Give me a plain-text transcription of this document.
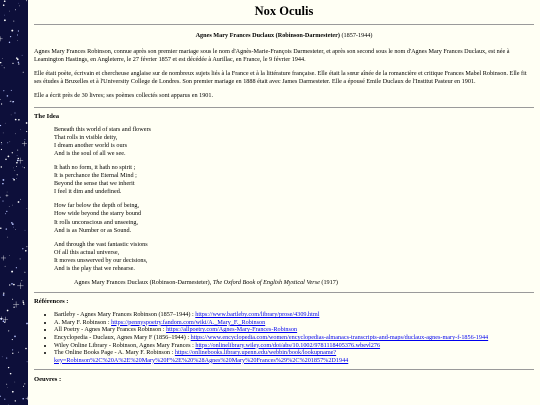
Nox Oculis
Agnes Mary Frances Duclaux (Robinson-Darmesteter) (1857-1944)

Agnes Mary Frances Robinson, connue après son premier mariage sous le nom d'Agnès-Marie-François Darmesteter, et après son second sous le nom d'Agnes Mary Frances Duclaux, est née à Leamington Hastings, en Angleterre, le 27 février 1857 et est décédée à Aurillac, en France, le 9 février 1944.

Elle était poète, écrivain et chercheuse anglaise sur de nombreux sujets liés à la France et à la littérature française. Elle était la sœur aînée de la romancière et critique Frances Mabel Robinson. Elle fit ses études à Bruxelles et à l'University College de Londres. Son premier mariage en 1888 était avec James Darmesteter. Elle a épousé Emile Duclaux de l'Institut Pasteur en 1901.

Elle a écrit près de 30 livres; ses poèmes collectés sont apparus en 1901.

The Idea
Beneath this world of stars and flowers
That rolls in visible deity,
I dream another world is ours
And is the soul of all we see.
It hath no form, it hath no spirit ;
It is perchance the Eternal Mind ;
Beyond the sense that we inherit
I feel it dim and undefined.
How far below the depth of being,
How wide beyond the starry bound
It rolls unconscious and unseeing,
And is as Number or as Sound.
And through the vast fantastic visions
Of all this actual universe,
It moves unswerved by our decisions,
And is the play that we rehearse.
Agnes Mary Frances Duclaux (Robinson-Darmesteter), The Oxford Book of English Mystical Verse (1917)
Références :
• Bartleby - Agnes Mary Frances Robinson (1857–1944) : https://www.bartleby.com/library/prose/4309.html
• A. Mary F. Robinson : https://pennyspoetry.fandom.com/wiki/A._Mary_F._Robinson
• All Poetry - Agnes Mary Frances Robinson : https://allpoetry.com/Agnes-Mary-Frances-Robinson
• Encyclopedia - Duclaux, Agnes Mary F (1856–1944) : https://www.encyclopedia.com/women/encyclopedias-almanacs-transcripts-and-maps/duclaux-agnes-mary-f-1856-1944
• Wiley Online Library - Robinson, Agnes Mary Frances : https://onlinelibrary.wiley.com/doi/abs/10.1002/9781118405376.wbevl276
• The Online Books Page - A. Mary F. Robinson : https://onlinebooks.library.upenn.edu/webbin/book/lookupname?key=Robinson%2C%20A%2E%20Mary%20F%2E%20%28Agnes%20Mary%20Frances%29%2C%201857%2D1944
Oeuvres :
